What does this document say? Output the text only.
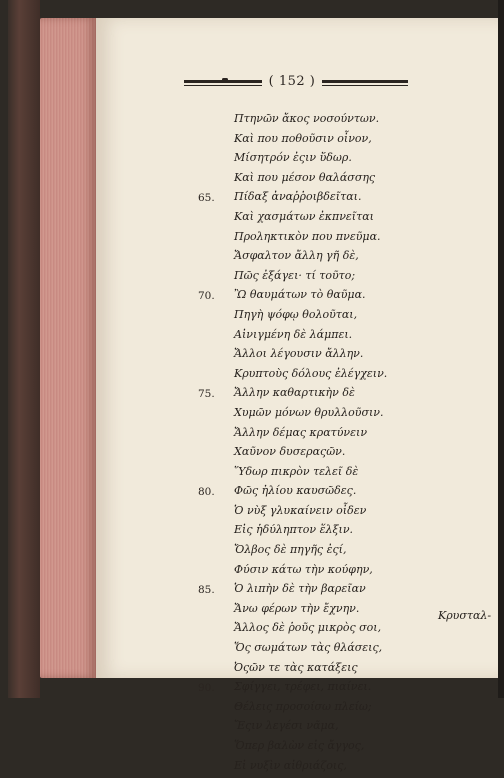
( 152 )
Πτηνῶν ἄκος νοσούντων.
Καὶ που ποθοῦσιν οἶνον,
Μίσητρόν ἐςιν ὕδωρ.
Καὶ που μέσον θαλάσσης
65.	Πίδαξ ἀναῤῥοιβδεῖται.
Καὶ χασμάτων ἐκπνεῖται
Προληκτικὸν που πνεῦμα.
Ἄσφαλτον ἄλλη γῆ δὲ,
Πῶς ἐξάγει· τί τοῦτο;
70.	Ὢ θαυμάτων τὸ θαῦμα.
Πηγὴ ψόφῳ θολοῦται,
Αἰνιγμένη δὲ λάμπει.
Ἄλλοι λέγουσιν ἄλλην.
Κρυπτοὺς δόλους ἐλέγχειν.
75.	Ἄλλην καθαρτικὴν δὲ
Χυμῶν μόνων θρυλλοῦσιν.
Ἄλλην δέμας κρατύνειν
Χαῦνον δυσεραςῶν.
Ὕδωρ πικρὸν τελεῖ δὲ
80.	Φῶς ἡλίου καυσῶδες.
Ὁ νὺξ γλυκαίνειν οἶδεν
Εἰς ἡδύληπτον ἕλξιν.
Ὄλβος δὲ πηγῆς ἐςί,
Φύσιν κάτω τὴν κούφην,
85.	Ὁ λιπὴν δὲ τὴν βαρεῖαν
Ἄνω φέρων τὴν ἔχνην.
Ἄλλος δὲ ῥοῦς μικρὸς σοι,
Ὅς σωμάτων τὰς θλάσεις,
Ὀςῶν τε τὰς κατάξεις
90.	Σφίγγει, τρέφει, πιαίνει.
Θέλεις προσοίσω πλείω;
Ἔςιν λεγέσι νᾶμα,
Ὅπερ βαλὼν εἰς ἄγγος,
Εἰ νυξὶν αἰθριάζοις,
Κρυσταλ-
